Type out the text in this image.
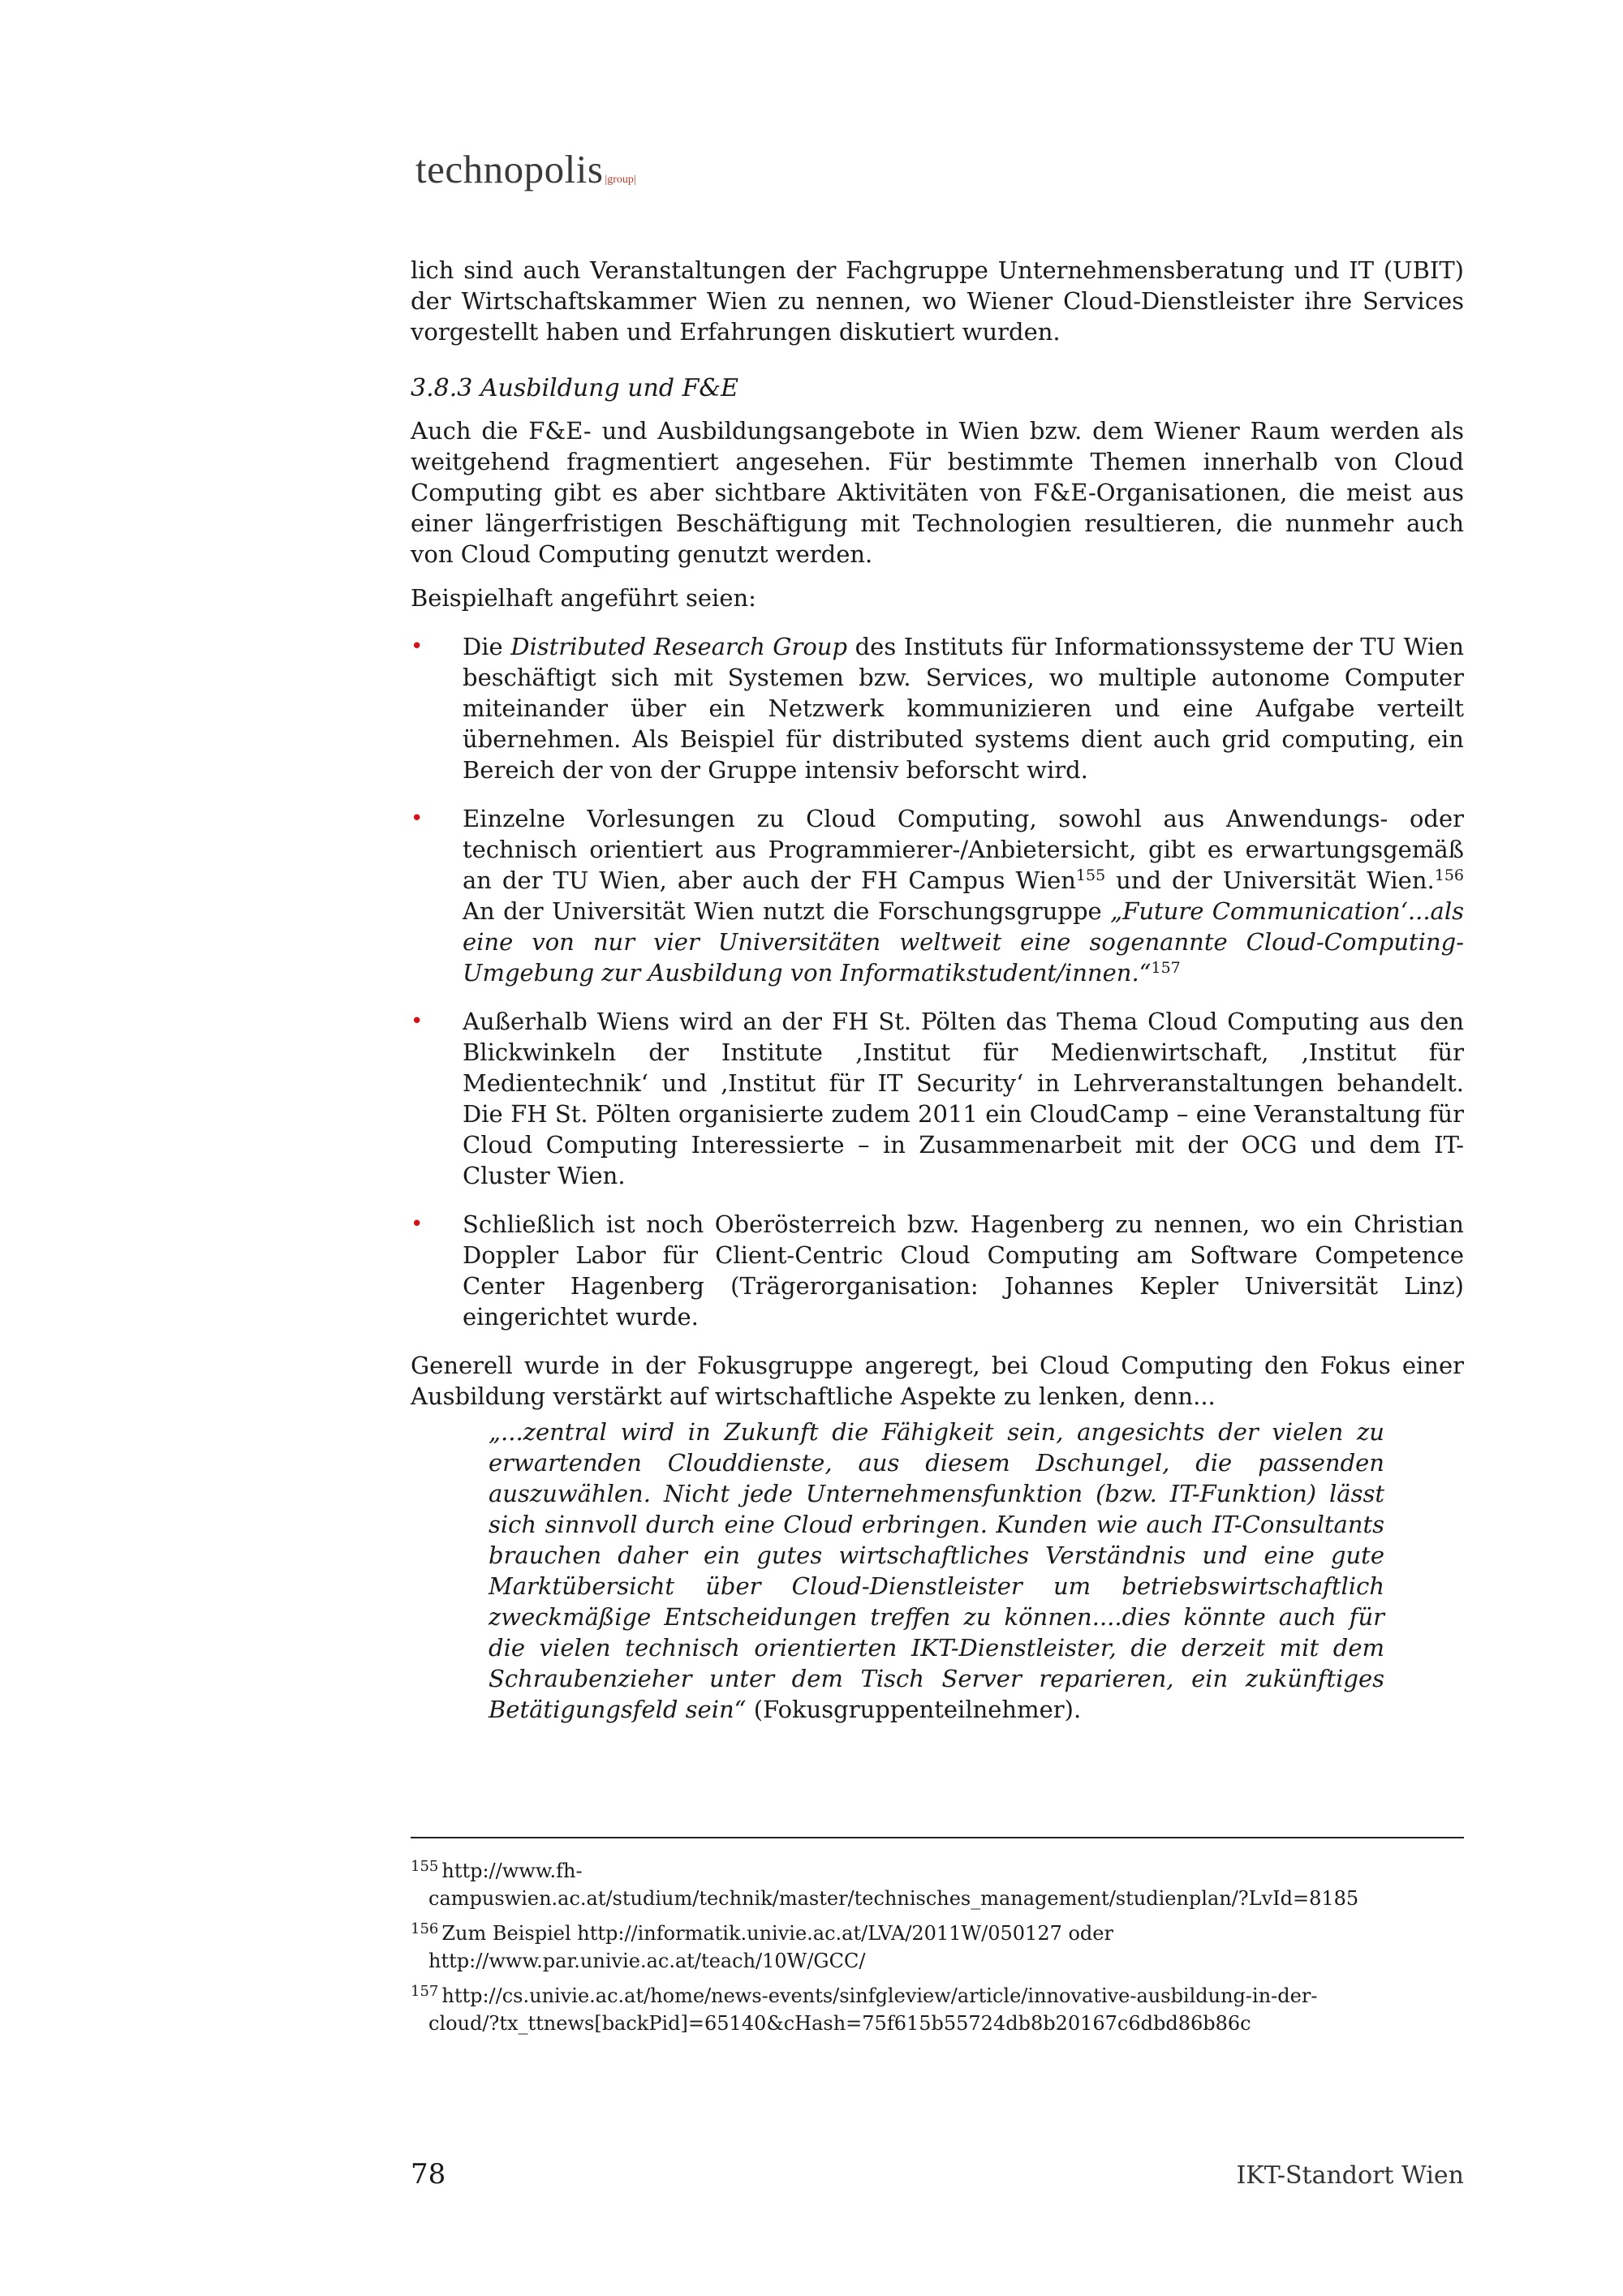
technopolis |group|

lich sind auch Veranstaltungen der Fachgruppe Unternehmensberatung und IT (UBIT) der Wirtschaftskammer Wien zu nennen, wo Wiener Cloud-Dienstleister ihre Services vorgestellt haben und Erfahrungen diskutiert wurden.

3.8.3 Ausbildung und F&E

Auch die F&E- und Ausbildungsangebote in Wien bzw. dem Wiener Raum werden als weitgehend fragmentiert angesehen. Für bestimmte Themen innerhalb von Cloud Computing gibt es aber sichtbare Aktivitäten von F&E-Organisationen, die meist aus einer längerfristigen Beschäftigung mit Technologien resultieren, die nunmehr auch von Cloud Computing genutzt werden.

Beispielhaft angeführt seien:

• Die Distributed Research Group des Instituts für Informationssysteme der TU Wien beschäftigt sich mit Systemen bzw. Services, wo multiple autonome Computer miteinander über ein Netzwerk kommunizieren und eine Aufgabe verteilt übernehmen. Als Beispiel für distributed systems dient auch grid computing, ein Bereich der von der Gruppe intensiv beforscht wird.
• Einzelne Vorlesungen zu Cloud Computing, sowohl aus Anwendungs- oder technisch orientiert aus Programmierer-/Anbietersicht, gibt es erwartungsgemäß an der TU Wien, aber auch der FH Campus Wien$^{155}$ und der Universität Wien.$^{156}$ An der Universität Wien nutzt die Forschungsgruppe „Future Communication‘...als eine von nur vier Universitäten weltweit eine sogenannte Cloud-Computing-Umgebung zur Ausbildung von Informatikstudent/innen.“$^{157}$
• Außerhalb Wiens wird an der FH St. Pölten das Thema Cloud Computing aus den Blickwinkeln der Institute ‚Institut für Medienwirtschaft, ‚Institut für Medientechnik‘ und ‚Institut für IT Security‘ in Lehrveranstaltungen behandelt. Die FH St. Pölten organisierte zudem 2011 ein CloudCamp – eine Veranstaltung für Cloud Computing Interessierte – in Zusammenarbeit mit der OCG und dem IT-Cluster Wien.
• Schließlich ist noch Oberösterreich bzw. Hagenberg zu nennen, wo ein Christian Doppler Labor für Client-Centric Cloud Computing am Software Competence Center Hagenberg (Trägerorganisation: Johannes Kepler Universität Linz) eingerichtet wurde.

Generell wurde in der Fokusgruppe angeregt, bei Cloud Computing den Fokus einer Ausbildung verstärkt auf wirtschaftliche Aspekte zu lenken, denn...

„...zentral wird in Zukunft die Fähigkeit sein, angesichts der vielen zu erwartenden Clouddienste, aus diesem Dschungel, die passenden auszuwählen. Nicht jede Unternehmensfunktion (bzw. IT-Funktion) lässt sich sinnvoll durch eine Cloud erbringen. Kunden wie auch IT-Consultants brauchen daher ein gutes wirtschaftliches Verständnis und eine gute Marktübersicht über Cloud-Dienstleister um betriebswirtschaftlich zweckmäßige Entscheidungen treffen zu können....dies könnte auch für die vielen technisch orientierten IKT-Dienstleister, die derzeit mit dem Schraubenzieher unter dem Tisch Server reparieren, ein zukünftiges Betätigungsfeld sein“ (Fokusgruppenteilnehmer).

$^{155}$ http://www.fh-
campuswien.ac.at/studium/technik/master/technisches_management/studienplan/?LvId=8185
$^{156}$ Zum Beispiel http://informatik.univie.ac.at/LVA/2011W/050127 oder
http://www.par.univie.ac.at/teach/10W/GCC/
$^{157}$ http://cs.univie.ac.at/home/news-events/sinfgleview/article/innovative-ausbildung-in-der-
cloud/?tx_ttnews[backPid]=65140&cHash=75f615b55724db8b20167c6dbd86b86c
78	IKT-Standort Wien
